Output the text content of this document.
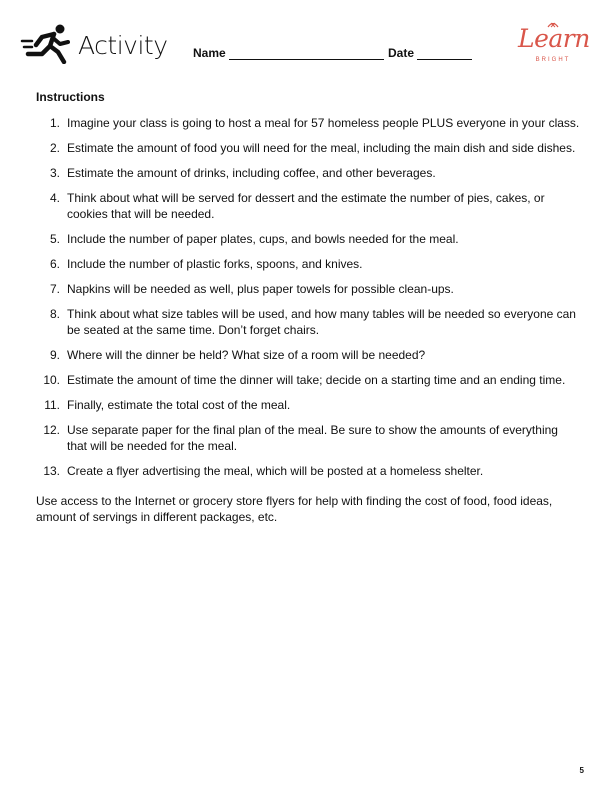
Activity Name	Date	Learn
BRIGHT
Instructions
1. Imagine your class is going to host a meal for 57 homeless people PLUS everyone in your class.
2. Estimate the amount of food you will need for the meal, including the main dish and side dishes.
3. Estimate the amount of drinks, including coffee, and other beverages.
4. Think about what will be served for dessert and the estimate the number of pies, cakes, or cookies that will be needed.
5. Include the number of paper plates, cups, and bowls needed for the meal.
6. Include the number of plastic forks, spoons, and knives.
7. Napkins will be needed as well, plus paper towels for possible clean-ups.
8. Think about what size tables will be used, and how many tables will be needed so everyone can be seated at the same time. Don’t forget chairs.
9. Where will the dinner be held? What size of a room will be needed?
10. Estimate the amount of time the dinner will take; decide on a starting time and an ending time.
11. Finally, estimate the total cost of the meal.
12. Use separate paper for the final plan of the meal. Be sure to show the amounts of everything that will be needed for the meal.
13. Create a flyer advertising the meal, which will be posted at a homeless shelter.
Use access to the Internet or grocery store flyers for help with finding the cost of food, food ideas, amount of servings in different packages, etc.
5
